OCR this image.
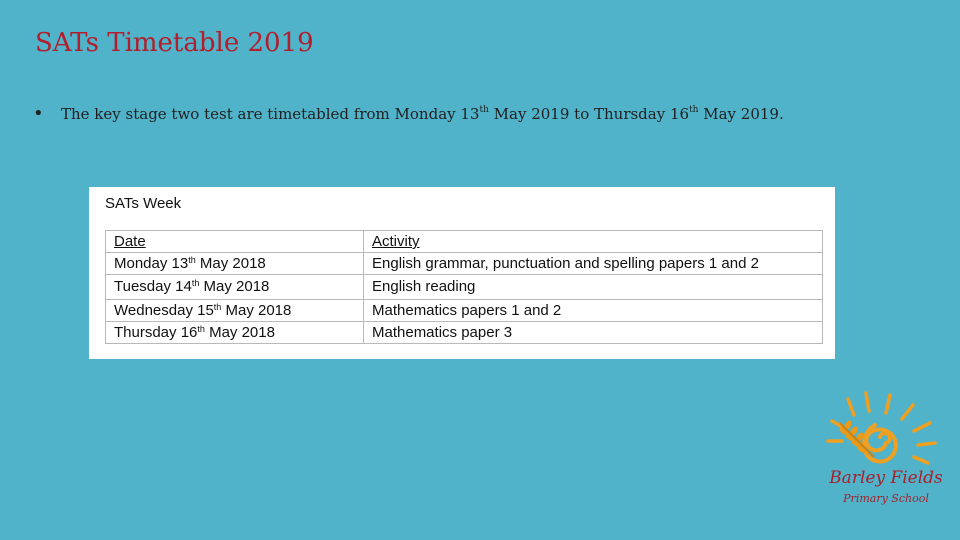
SATs Timetable 2019
• The key stage two test are timetabled from Monday 13th May 2019 to Thursday 16th May 2019.
SATs Week
Date	Activity
Monday 13th May 2018	English grammar, punctuation and spelling papers 1 and 2
Tuesday 14th May 2018	English reading
Wednesday 15th May 2018	Mathematics papers 1 and 2
Thursday 16th May 2018	Mathematics paper 3
Barley Fields
Primary School
